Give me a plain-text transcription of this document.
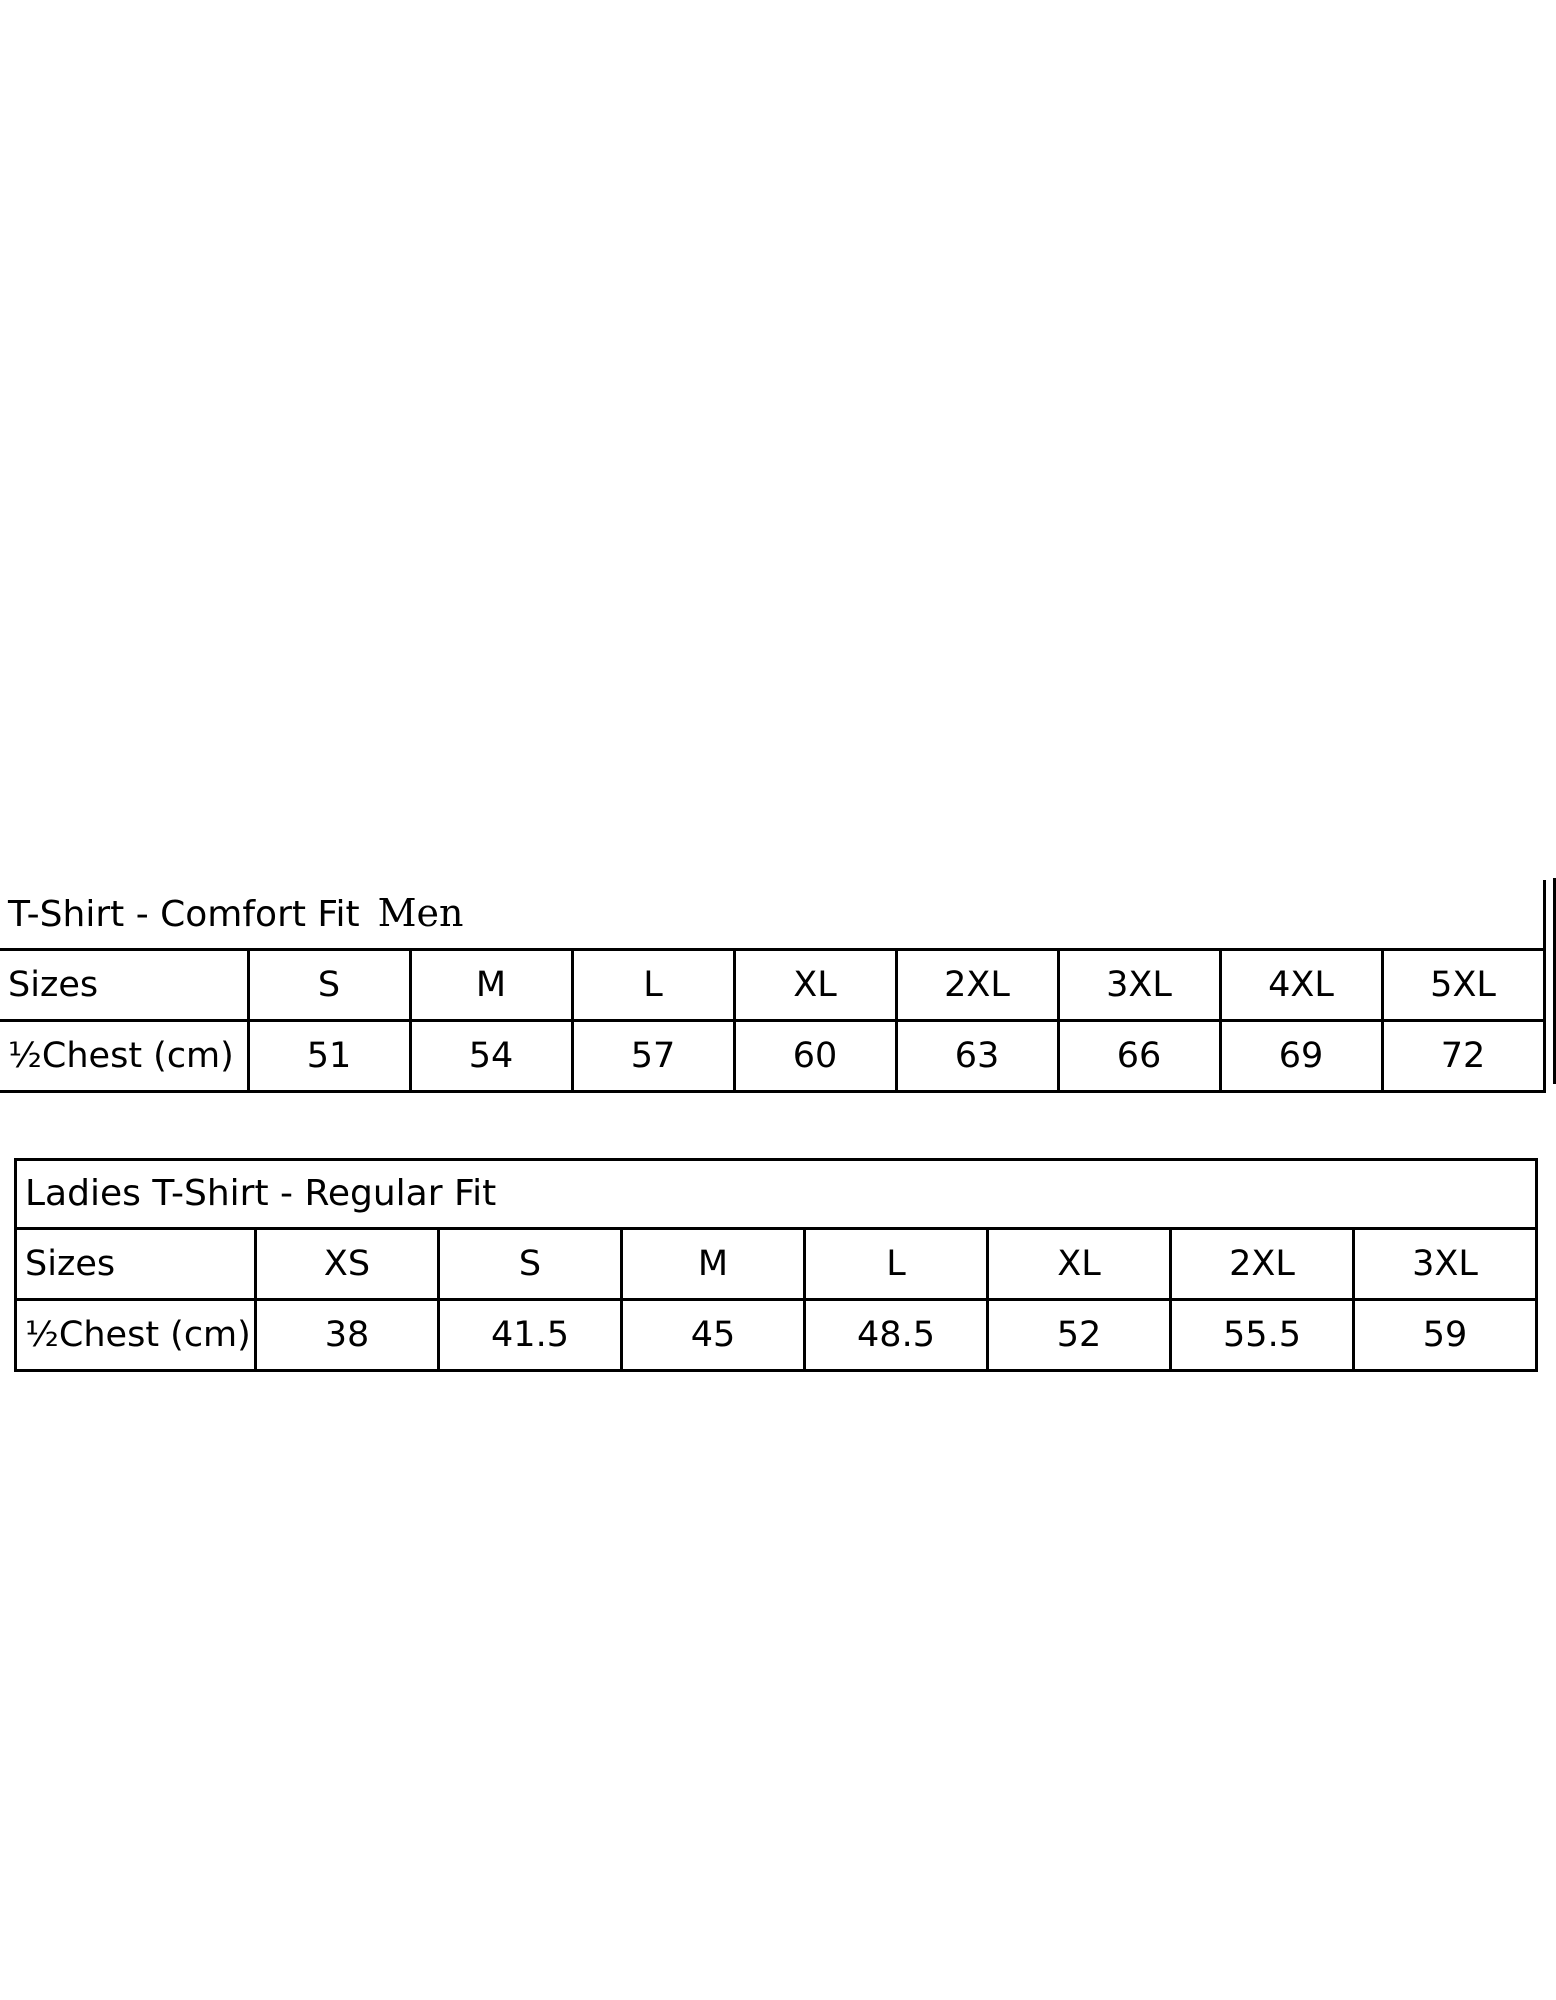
T-Shirt - Comfort Fit Men								
Sizes	S	M	L	XL	2XL	3XL	4XL	5XL
½Chest (cm)	51	54	57	60	63	66	69	72
Ladies T-Shirt - Regular Fit							
Sizes	XS	S	M	L	XL	2XL	3XL
½Chest (cm)	38	41.5	45	48.5	52	55.5	59
